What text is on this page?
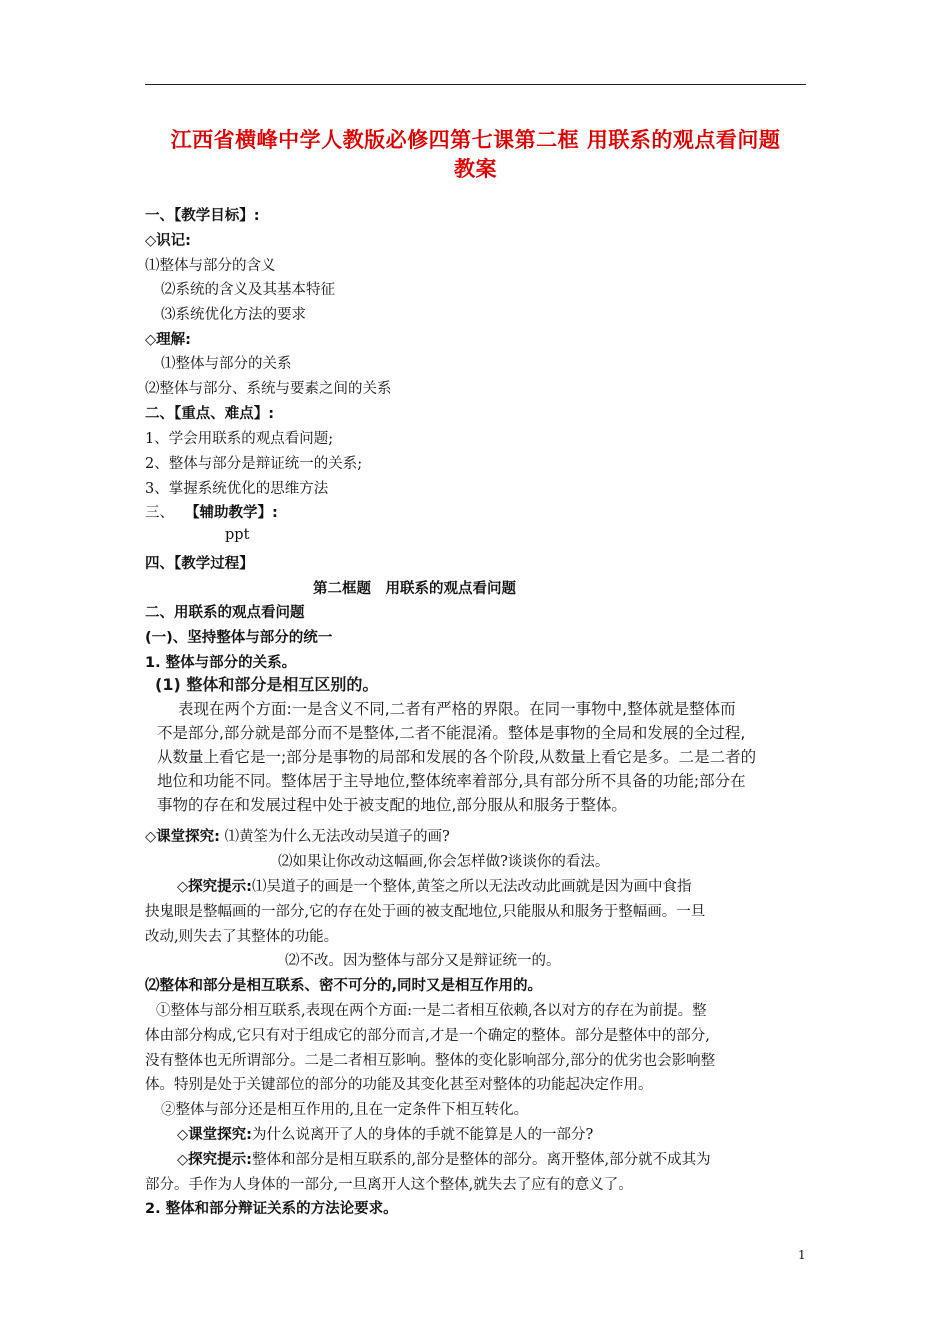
江西省横峰中学人教版必修四第七课第二框 用联系的观点看问题
教案
一、【教学目标】:
◇识记:
⑴整体与部分的含义
⑵系统的含义及其基本特征
⑶系统优化方法的要求
◇理解:
⑴整体与部分的关系
⑵整体与部分、系统与要素之间的关系
二、【重点、难点】:
1、学会用联系的观点看问题;
2、整体与部分是辩证统一的关系;
3、掌握系统优化的思维方法
三、 【辅助教学】:
ppt
四、【教学过程】
第二框题　用联系的观点看问题
二、用联系的观点看问题
(一)、坚持整体与部分的统一
1. 整体与部分的关系。
(1) 整体和部分是相互区别的。
表现在两个方面:一是含义不同,二者有严格的界限。在同一事物中,整体就是整体而
不是部分,部分就是部分而不是整体,二者不能混淆。整体是事物的全局和发展的全过程,
从数量上看它是一;部分是事物的局部和发展的各个阶段,从数量上看它是多。二是二者的
地位和功能不同。整体居于主导地位,整体统率着部分,具有部分所不具备的功能;部分在
事物的存在和发展过程中处于被支配的地位,部分服从和服务于整体。
◇课堂探究: ⑴黄筌为什么无法改动吴道子的画?
⑵如果让你改动这幅画,你会怎样做?谈谈你的看法。
◇探究提示:⑴吴道子的画是一个整体,黄筌之所以无法改动此画就是因为画中食指
抉鬼眼是整幅画的一部分,它的存在处于画的被支配地位,只能服从和服务于整幅画。一旦
改动,则失去了其整体的功能。
⑵不改。因为整体与部分又是辩证统一的。
⑵整体和部分是相互联系、密不可分的,同时又是相互作用的。
①整体与部分相互联系,表现在两个方面:一是二者相互依赖,各以对方的存在为前提。整
体由部分构成,它只有对于组成它的部分而言,才是一个确定的整体。部分是整体中的部分,
没有整体也无所谓部分。二是二者相互影响。整体的变化影响部分,部分的优劣也会影响整
体。特别是处于关键部位的部分的功能及其变化甚至对整体的功能起决定作用。
②整体与部分还是相互作用的,且在一定条件下相互转化。
◇课堂探究:为什么说离开了人的身体的手就不能算是人的一部分?
◇探究提示:整体和部分是相互联系的,部分是整体的部分。离开整体,部分就不成其为
部分。手作为人身体的一部分,一旦离开人这个整体,就失去了应有的意义了。
2. 整体和部分辩证关系的方法论要求。
1
